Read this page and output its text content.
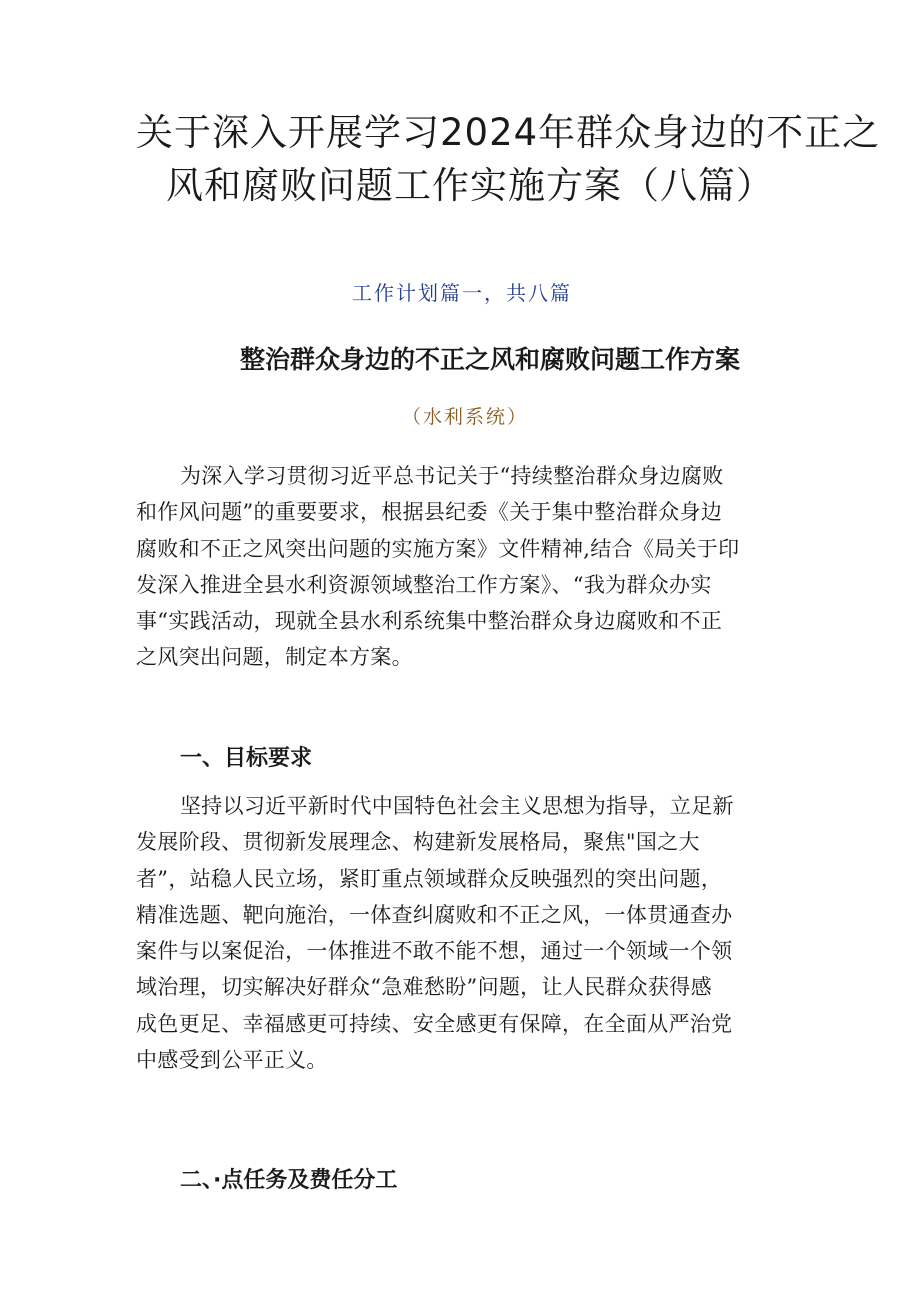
关于深入开展学习2024年群众身边的不正之
风和腐败问题工作实施方案（八篇）
工作计划篇一，共八篇
整治群众身边的不正之风和腐败问题工作方案
（水利系统）

为深入学习贯彻习近平总书记关于“持续整治群众身边腐败
和作风问题”的重要要求，根据县纪委《关于集中整治群众身边
腐败和不正之风突出问题的实施方案》文件精神,结合《局关于印
发深入推进全县水利资源领域整治工作方案》、“我为群众办实
事“实践活动，现就全县水利系统集中整治群众身边腐败和不正
之风突出问题，制定本方案。

一、目标要求

坚持以习近平新时代中国特色社会主义思想为指导，立足新
发展阶段、贯彻新发展理念、构建新发展格局，聚焦"国之大
者”，站稳人民立场，紧盯重点领域群众反映强烈的突出问题，
精准选题、靶向施治，一体查纠腐败和不正之风，一体贯通查办
案件与以案促治，一体推进不敢不能不想，通过一个领域一个领
域治理，切实解决好群众“急难愁盼”问题，让人民群众获得感
成色更足、幸福感更可持续、安全感更有保障，在全面从严治党
中感受到公平正义。

二、·点任务及费任分工
